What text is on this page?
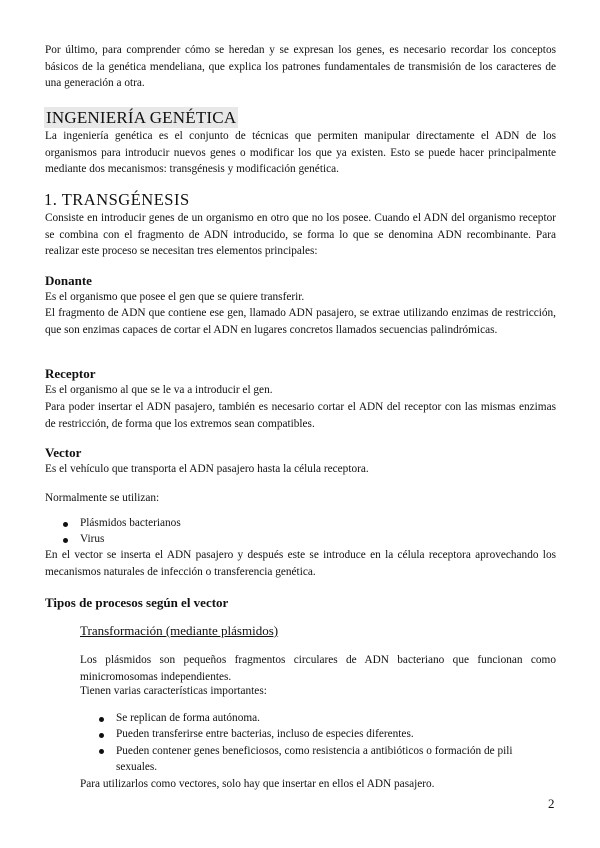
Por último, para comprender cómo se heredan y se expresan los genes, es necesario recordar los conceptos básicos de la genética mendeliana, que explica los patrones fundamentales de transmisión de los caracteres de una generación a otra.

INGENIERÍA GENÉTICA

La ingeniería genética es el conjunto de técnicas que permiten manipular directamente el ADN de los organismos para introducir nuevos genes o modificar los que ya existen. Esto se puede hacer principalmente mediante dos mecanismos: transgénesis y modificación genética.

1. TRANSGÉNESIS

Consiste en introducir genes de un organismo en otro que no los posee. Cuando el ADN del organismo receptor se combina con el fragmento de ADN introducido, se forma lo que se denomina ADN recombinante. Para realizar este proceso se necesitan tres elementos principales:

Donante

Es el organismo que posee el gen que se quiere transferir.

El fragmento de ADN que contiene ese gen, llamado ADN pasajero, se extrae utilizando enzimas de restricción, que son enzimas capaces de cortar el ADN en lugares concretos llamados secuencias palindrómicas.

Receptor

Es el organismo al que se le va a introducir el gen.

Para poder insertar el ADN pasajero, también es necesario cortar el ADN del receptor con las mismas enzimas de restricción, de forma que los extremos sean compatibles.

Vector

Es el vehículo que transporta el ADN pasajero hasta la célula receptora.

Normalmente se utilizan:

Plásmidos bacterianos
Virus

En el vector se inserta el ADN pasajero y después este se introduce en la célula receptora aprovechando los mecanismos naturales de infección o transferencia genética.

Tipos de procesos según el vector
Transformación (mediante plásmidos)

Los plásmidos son pequeños fragmentos circulares de ADN bacteriano que funcionan como minicromosomas independientes.

Tienen varias características importantes:

Se replican de forma autónoma.
Pueden transferirse entre bacterias, incluso de especies diferentes.
Pueden contener genes beneficiosos, como resistencia a antibióticos o formación de pili sexuales.

Para utilizarlos como vectores, solo hay que insertar en ellos el ADN pasajero.

2
